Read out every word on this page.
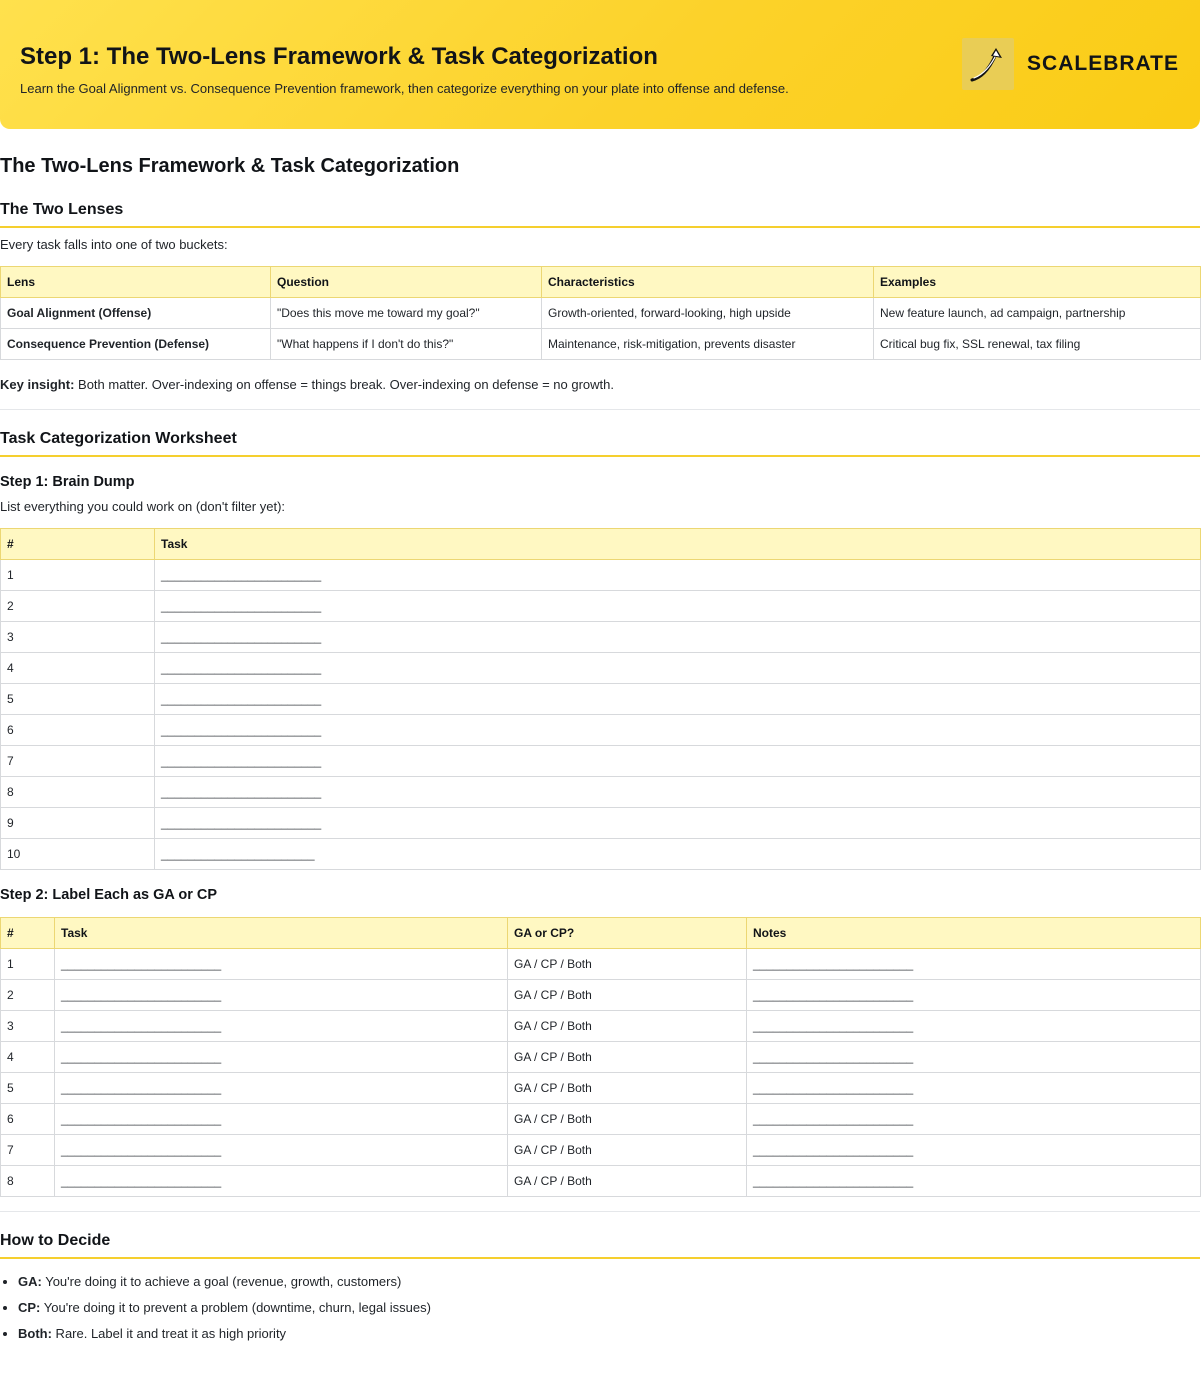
Step 1: The Two-Lens Framework & Task Categorization
Learn the Goal Alignment vs. Consequence Prevention framework, then categorize everything on your plate into offense and defense.
SCALEBRATE
The Two-Lens Framework & Task Categorization
The Two Lenses

Every task falls into one of two buckets:

Lens	Question	Characteristics	Examples
Goal Alignment (Offense)	"Does this move me toward my goal?"	Growth-oriented, forward-looking, high upside	New feature launch, ad campaign, partnership
Consequence Prevention (Defense)	"What happens if I don't do this?"	Maintenance, risk-mitigation, prevents disaster	Critical bug fix, SSL renewal, tax filing

Key insight: Both matter. Over-indexing on offense = things break. Over-indexing on defense = no growth.

Task Categorization Worksheet
Step 1: Brain Dump

List everything you could work on (don't filter yet):

#	Task
1	________________________
2	________________________
3	________________________
4	________________________
5	________________________
6	________________________
7	________________________
8	________________________
9	________________________
10	_______________________
Step 2: Label Each as GA or CP
#	Task	GA or CP?	Notes
1	________________________	GA / CP / Both	________________________
2	________________________	GA / CP / Both	________________________
3	________________________	GA / CP / Both	________________________
4	________________________	GA / CP / Both	________________________
5	________________________	GA / CP / Both	________________________
6	________________________	GA / CP / Both	________________________
7	________________________	GA / CP / Both	________________________
8	________________________	GA / CP / Both	________________________
How to Decide
• GA: You're doing it to achieve a goal (revenue, growth, customers)
• CP: You're doing it to prevent a problem (downtime, churn, legal issues)
• Both: Rare. Label it and treat it as high priority
